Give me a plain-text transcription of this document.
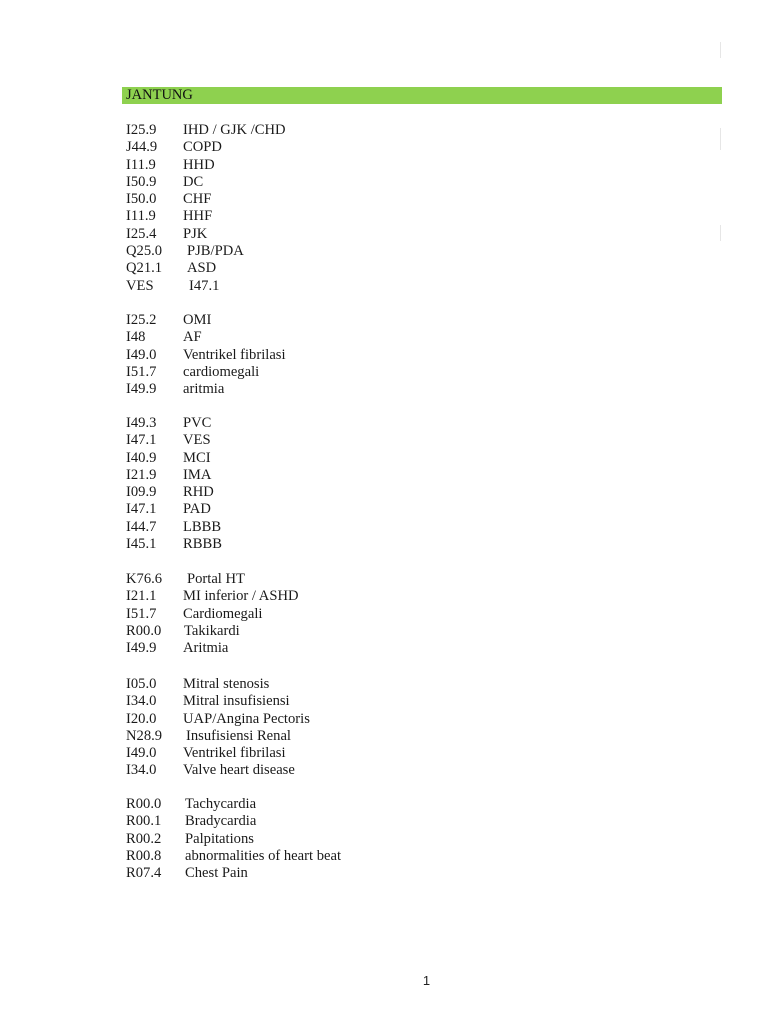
JANTUNG
I25.9 IHD / GJK /CHD
J44.9 COPD
I11.9 HHD
I50.9 DC
I50.0 CHF
I11.9 HHF
I25.4 PJK
Q25.0 PJB/PDA
Q21.1 ASD
VES I47.1
I25.2 OMI
I48	AF
I49.0 Ventrikel fibrilasi
I51.7 cardiomegali
I49.9 aritmia
I49.3 PVC
I47.1 VES
I40.9 MCI
I21.9 IMA
I09.9 RHD
I47.1 PAD
I44.7 LBBB
I45.1 RBBB
K76.6 Portal HT
I21.1 MI inferior / ASHD
I51.7 Cardiomegali
R00.0 Takikardi
I49.9 Aritmia
I05.0 Mitral stenosis
I34.0 Mitral insufisiensi
I20.0 UAP/Angina Pectoris
N28.9 Insufisiensi Renal
I49.0 Ventrikel fibrilasi
I34.0 Valve heart disease
R00.0 Tachycardia
R00.1 Bradycardia
R00.2 Palpitations
R00.8 abnormalities of heart beat
R07.4 Chest Pain
1
